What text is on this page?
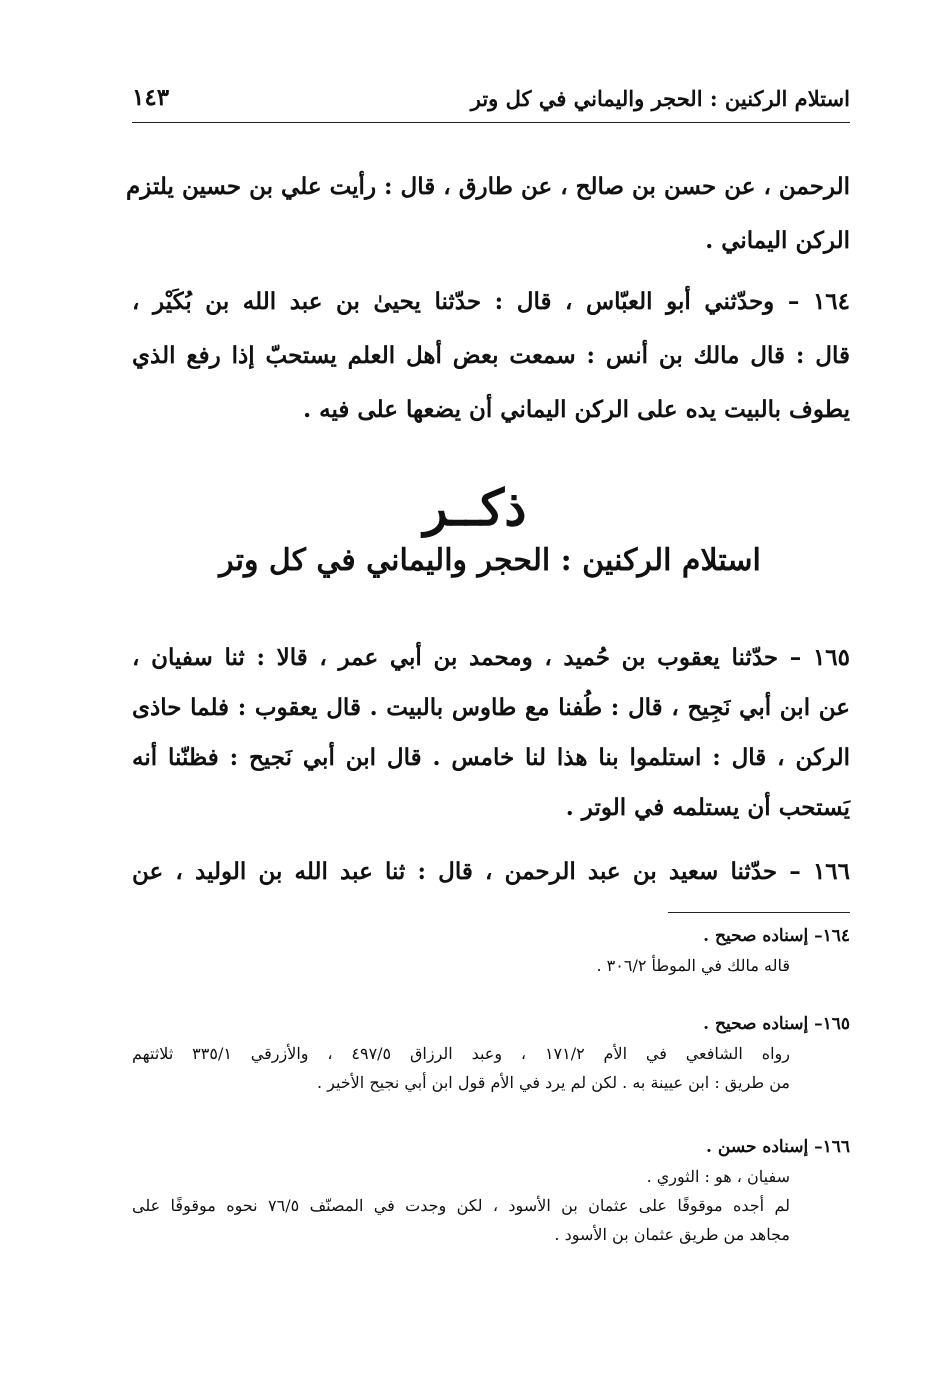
استلام الركنين : الحجر واليماني في كل وتر
١٤٣
الرحمن ، عن حسن بن صالح ، عن طارق ، قال : رأيت علي بن حسين يلتزم
الركن اليماني .
١٦٤ – وحدّثني أبو العبّاس ، قال : حدّثنا يحيىٰ بن عبد الله بن بُكَيْر ،
قال : قال مالك بن أنس : سمعت بعض أهل العلم يستحبّ إذا رفع الذي
يطوف بالبيت يده على الركن اليماني أن يضعها على فيه .
ذكــر
استلام الركنين : الحجر واليماني في كل وتر
١٦٥ – حدّثنا يعقوب بن حُميد ، ومحمد بن أبي عمر ، قالا : ثنا سفيان ،
عن ابن أبي نَجِيح ، قال : طُفنا مع طاوس بالبيت . قال يعقوب : فلما حاذى
الركن ، قال : استلموا بنا هذا لنا خامس . قال ابن أبي نَجيح : فظنّنا أنه
يَستحب أن يستلمه في الوتر .
١٦٦ – حدّثنا سعيد بن عبد الرحمن ، قال : ثنا عبد الله بن الوليد ، عن
١٦٤– إسناده صحيح .
قاله مالك في الموطأ ٣٠٦/٢ .
١٦٥– إسناده صحيح .
رواه الشافعي في الأم ١٧١/٢ ، وعبد الرزاق ٤٩٧/٥ ، والأزرقي ٣٣٥/١ ثلاثتهم
من طريق : ابن عيينة به . لكن لم يرد في الأم قول ابن أبي نجيح الأخير .
١٦٦– إسناده حسن .
سفيان ، هو : الثوري .
لم أجده موقوفًا على عثمان بن الأسود ، لكن وجدت في المصنّف ٧٦/٥ نحوه موقوفًا على
مجاهد من طريق عثمان بن الأسود .
